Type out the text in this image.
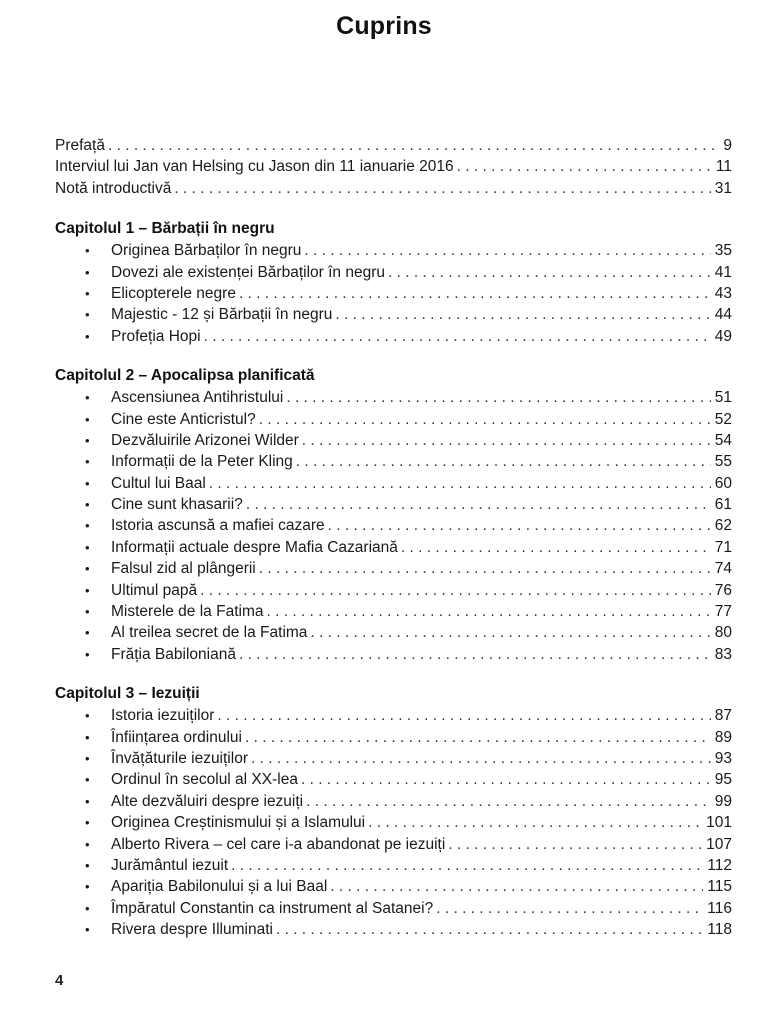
Cuprins
Prefață . . .	9
Interviul lui Jan van Helsing cu Jason din 11 ianuarie 2016 . . .	11
Notă introductivă . . .	31
Capitolul 1 – Bărbații în negru
•	Originea Bărbaților în negru . . .	35
•	Dovezi ale existenței Bărbaților în negru . . .	41
•	Elicopterele negre . . .	43
•	Majestic - 12 și Bărbații în negru . . .	44
•	Profeția Hopi . . .	49
Capitolul 2 – Apocalipsa planificată
•	Ascensiunea Antihristului . . .	51
•	Cine este Anticristul? . . .	52
•	Dezvăluirile Arizonei Wilder . . .	54
•	Informații de la Peter Kling . . .	55
•	Cultul lui Baal . . .	60
•	Cine sunt khasarii? . . .	61
•	Istoria ascunsă a mafiei cazare . . .	62
•	Informații actuale despre Mafia Cazariană . . .	71
•	Falsul zid al plângerii . . .	74
•	Ultimul papă . . .	76
•	Misterele de la Fatima . . .	77
•	Al treilea secret de la Fatima . . .	80
•	Frăția Babiloniană . . .	83
Capitolul 3 – Iezuiții
•	Istoria iezuiților . . .	87
•	Înființarea ordinului . . .	89
•	Învățăturile iezuiților . . .	93
•	Ordinul în secolul al XX-lea . . .	95
•	Alte dezvăluiri despre iezuiți . . .	99
•	Originea Creștinismului și a Islamului . . .	101
•	Alberto Rivera – cel care i-a abandonat pe iezuiți . . .	107
•	Jurământul iezuit . . .	112
•	Apariția Babilonului și a lui Baal . . .	115
•	Împăratul Constantin ca instrument al Satanei? . . .	116
•	Rivera despre Illuminati . . .	118
4
